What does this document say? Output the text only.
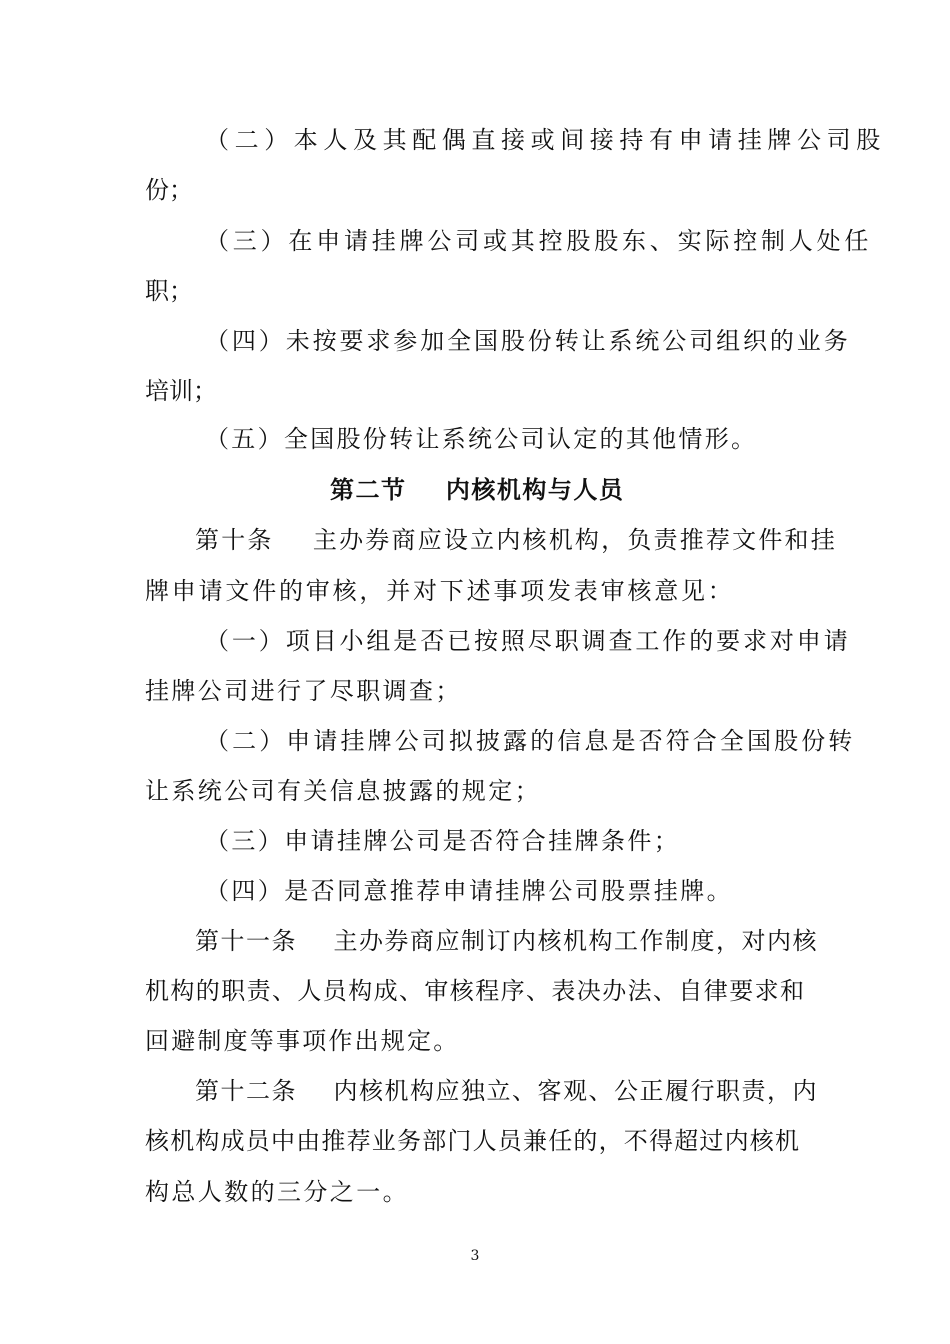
（二）本人及其配偶直接或间接持有申请挂牌公司股
份；
（三）在申请挂牌公司或其控股股东、实际控制人处任
职；
（四）未按要求参加全国股份转让系统公司组织的业务
培训；
（五）全国股份转让系统公司认定的其他情形。
第二节    内核机构与人员
第十条    主办券商应设立内核机构，负责推荐文件和挂
牌申请文件的审核，并对下述事项发表审核意见：
（一）项目小组是否已按照尽职调查工作的要求对申请
挂牌公司进行了尽职调查；
（二）申请挂牌公司拟披露的信息是否符合全国股份转
让系统公司有关信息披露的规定；
（三）申请挂牌公司是否符合挂牌条件；
（四）是否同意推荐申请挂牌公司股票挂牌。
第十一条    主办券商应制订内核机构工作制度，对内核
机构的职责、人员构成、审核程序、表决办法、自律要求和
回避制度等事项作出规定。
第十二条    内核机构应独立、客观、公正履行职责，内
核机构成员中由推荐业务部门人员兼任的，不得超过内核机
构总人数的三分之一。
3
